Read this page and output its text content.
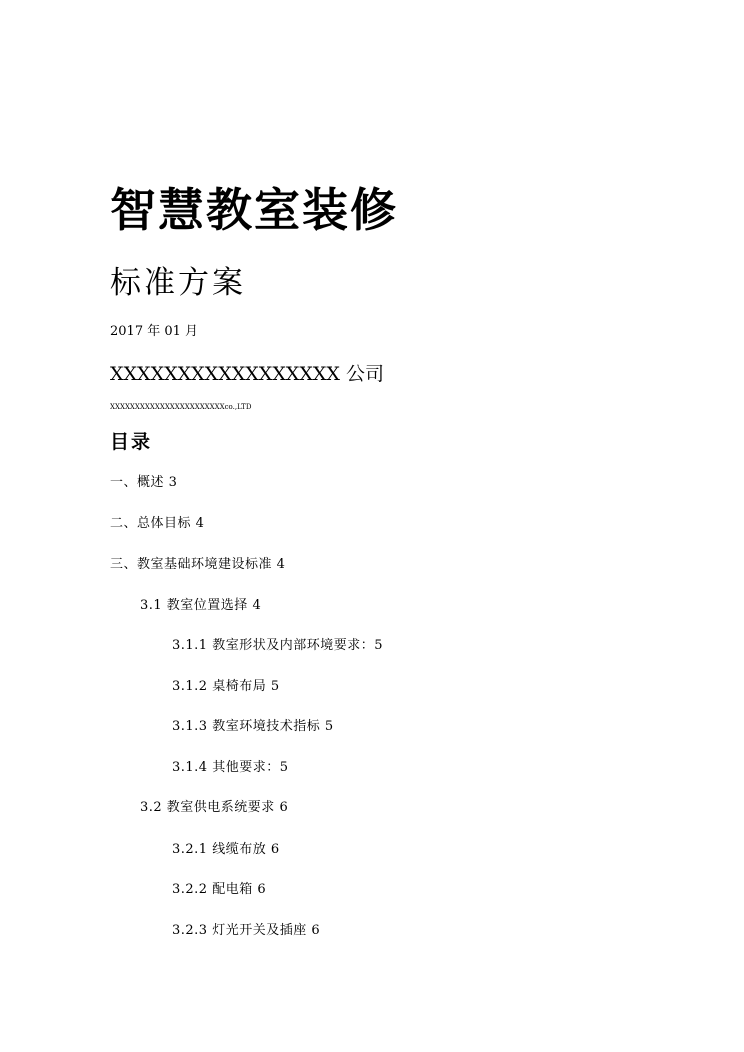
智慧教室装修
标准方案
2017 年 01 月
XXXXXXXXXXXXXXXXX 公司
XXXXXXXXXXXXXXXXXXXXXXXco.,LTD
目录
一、概述 3
二、总体目标 4
三、教室基础环境建设标准 4
3.1 教室位置选择 4
3.1.1 教室形状及内部环境要求：5
3.1.2 桌椅布局 5
3.1.3 教室环境技术指标 5
3.1.4 其他要求：5
3.2 教室供电系统要求 6
3.2.1 线缆布放 6
3.2.2 配电箱 6
3.2.3 灯光开关及插座 6
